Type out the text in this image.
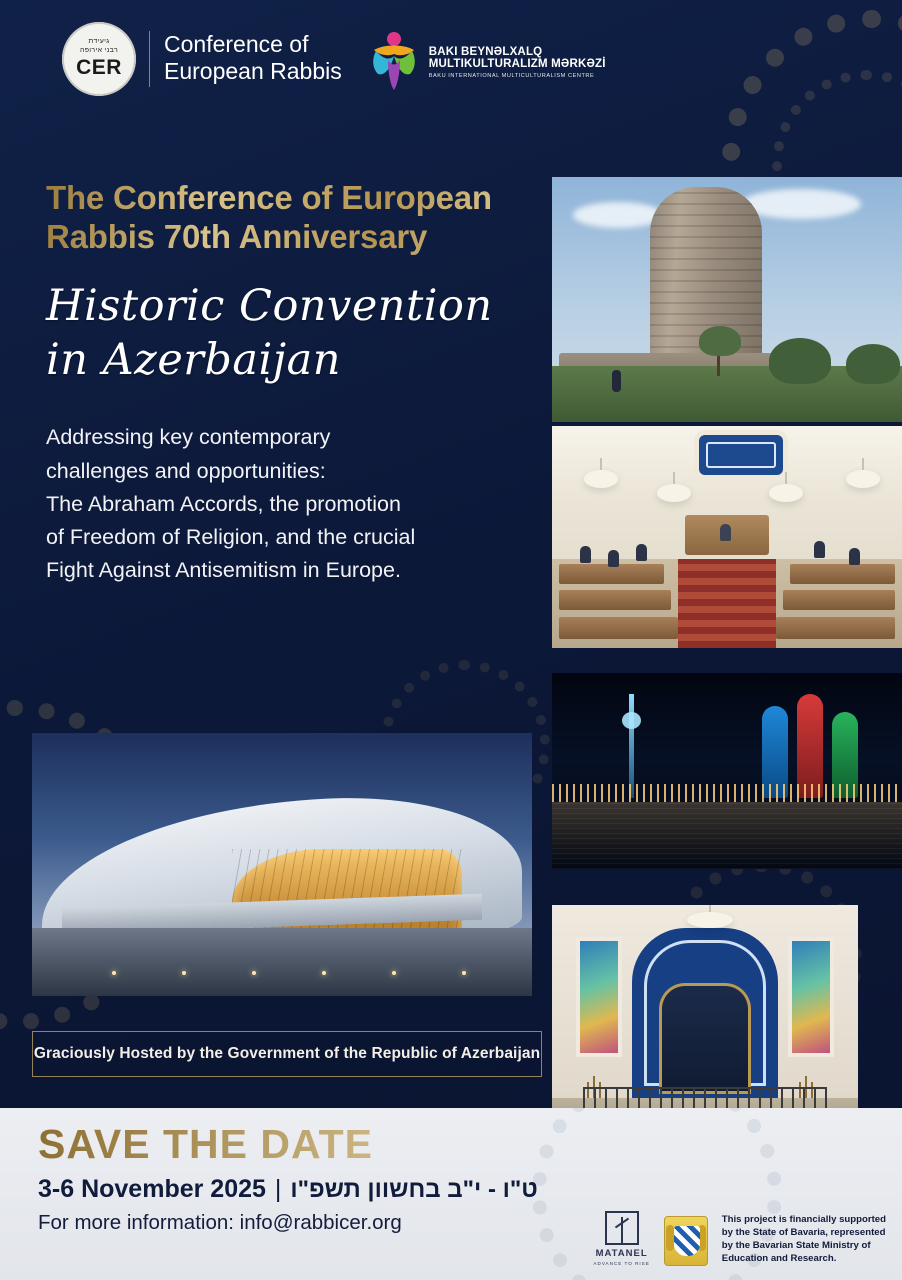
גיעידת
רבני אירופה
CER
Conference of
European Rabbis
BAKI BEYNƏLXALQ
MULTIKULTURALIZM MƏRKƏZİ
BAKU INTERNATIONAL MULTICULTURALISM CENTRE
The Conference of European
Rabbis 70th Anniversary
Historic Convention
in Azerbaijan
Addressing key contemporary
challenges and opportunities:
The Abraham Accords, the promotion
of Freedom of Religion, and the crucial
Fight Against Antisemitism in Europe.
Graciously Hosted by the Government of the Republic of Azerbaijan
SAVE THE DATE
3-6 November 2025 | ט"ו - י"ב בחשוון תשפ"ו
For more information: info@rabbicer.org
MATANEL
ADVANCE TO RISE
This project is financially supported
by the State of Bavaria, represented
by the Bavarian State Ministry of
Education and Research.
